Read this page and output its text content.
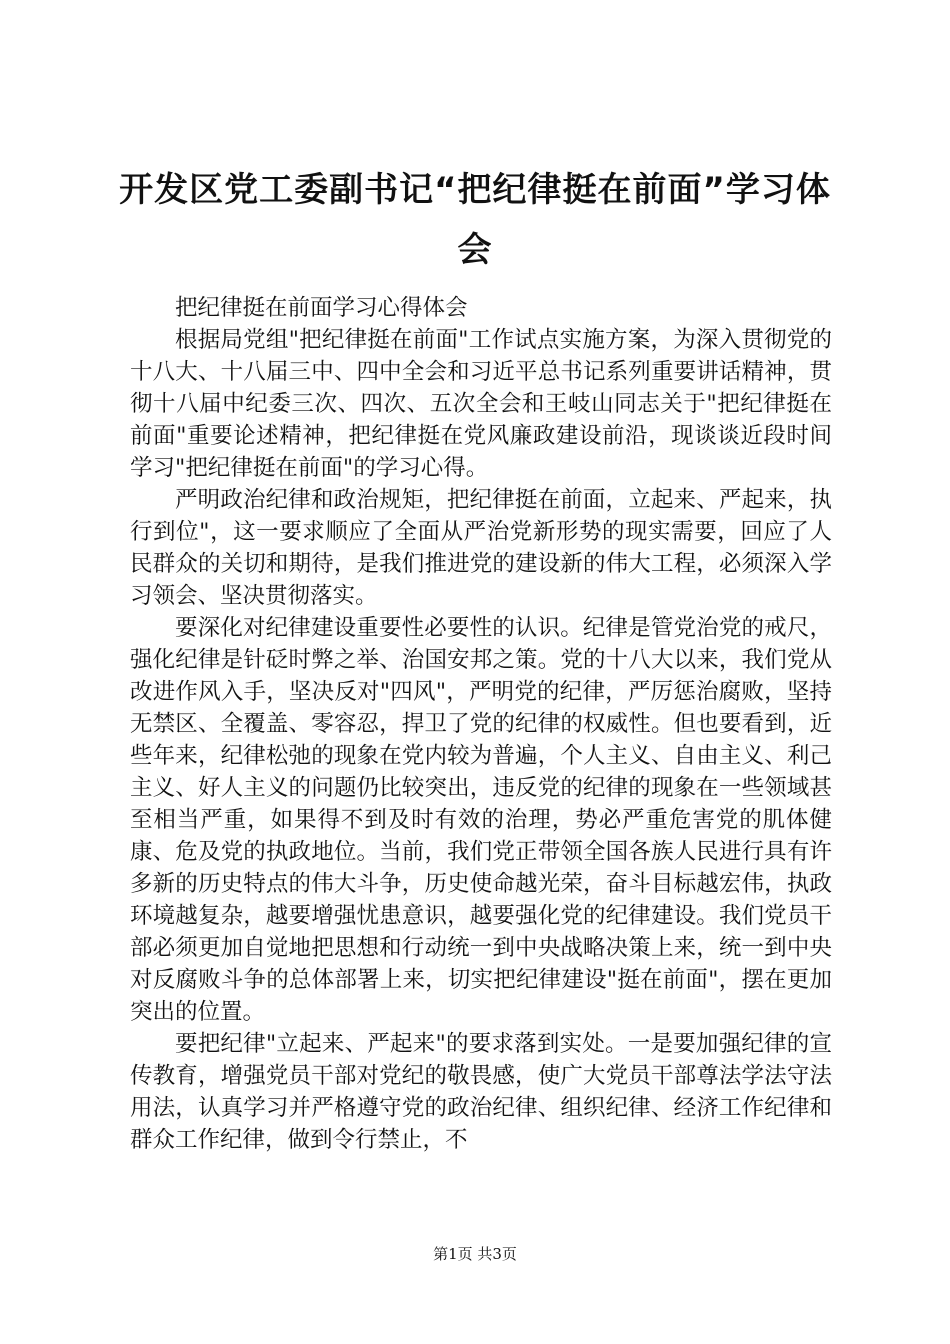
开发区党工委副书记“把纪律挺在前面”学习体会

把纪律挺在前面学习心得体会

根据局党组"把纪律挺在前面"工作试点实施方案，为深入贯彻党的十八大、十八届三中、四中全会和习近平总书记系列重要讲话精神，贯彻十八届中纪委三次、四次、五次全会和王岐山同志关于"把纪律挺在前面"重要论述精神，把纪律挺在党风廉政建设前沿，现谈谈近段时间学习"把纪律挺在前面"的学习心得。

严明政治纪律和政治规矩，把纪律挺在前面，立起来、严起来，执行到位"，这一要求顺应了全面从严治党新形势的现实需要，回应了人民群众的关切和期待，是我们推进党的建设新的伟大工程，必须深入学习领会、坚决贯彻落实。

要深化对纪律建设重要性必要性的认识。纪律是管党治党的戒尺，强化纪律是针砭时弊之举、治国安邦之策。党的十八大以来，我们党从改进作风入手，坚决反对"四风"，严明党的纪律，严厉惩治腐败，坚持无禁区、全覆盖、零容忍，捍卫了党的纪律的权威性。但也要看到，近些年来，纪律松弛的现象在党内较为普遍，个人主义、自由主义、利己主义、好人主义的问题仍比较突出，违反党的纪律的现象在一些领域甚至相当严重，如果得不到及时有效的治理，势必严重危害党的肌体健康、危及党的执政地位。当前，我们党正带领全国各族人民进行具有许多新的历史特点的伟大斗争，历史使命越光荣，奋斗目标越宏伟，执政环境越复杂，越要增强忧患意识，越要强化党的纪律建设。我们党员干部必须更加自觉地把思想和行动统一到中央战略决策上来，统一到中央对反腐败斗争的总体部署上来，切实把纪律建设"挺在前面"，摆在更加突出的位置。

要把纪律"立起来、严起来"的要求落到实处。一是要加强纪律的宣传教育，增强党员干部对党纪的敬畏感，使广大党员干部尊法学法守法用法，认真学习并严格遵守党的政治纪律、组织纪律、经济工作纪律和群众工作纪律，做到令行禁止，不

第1页 共3页
